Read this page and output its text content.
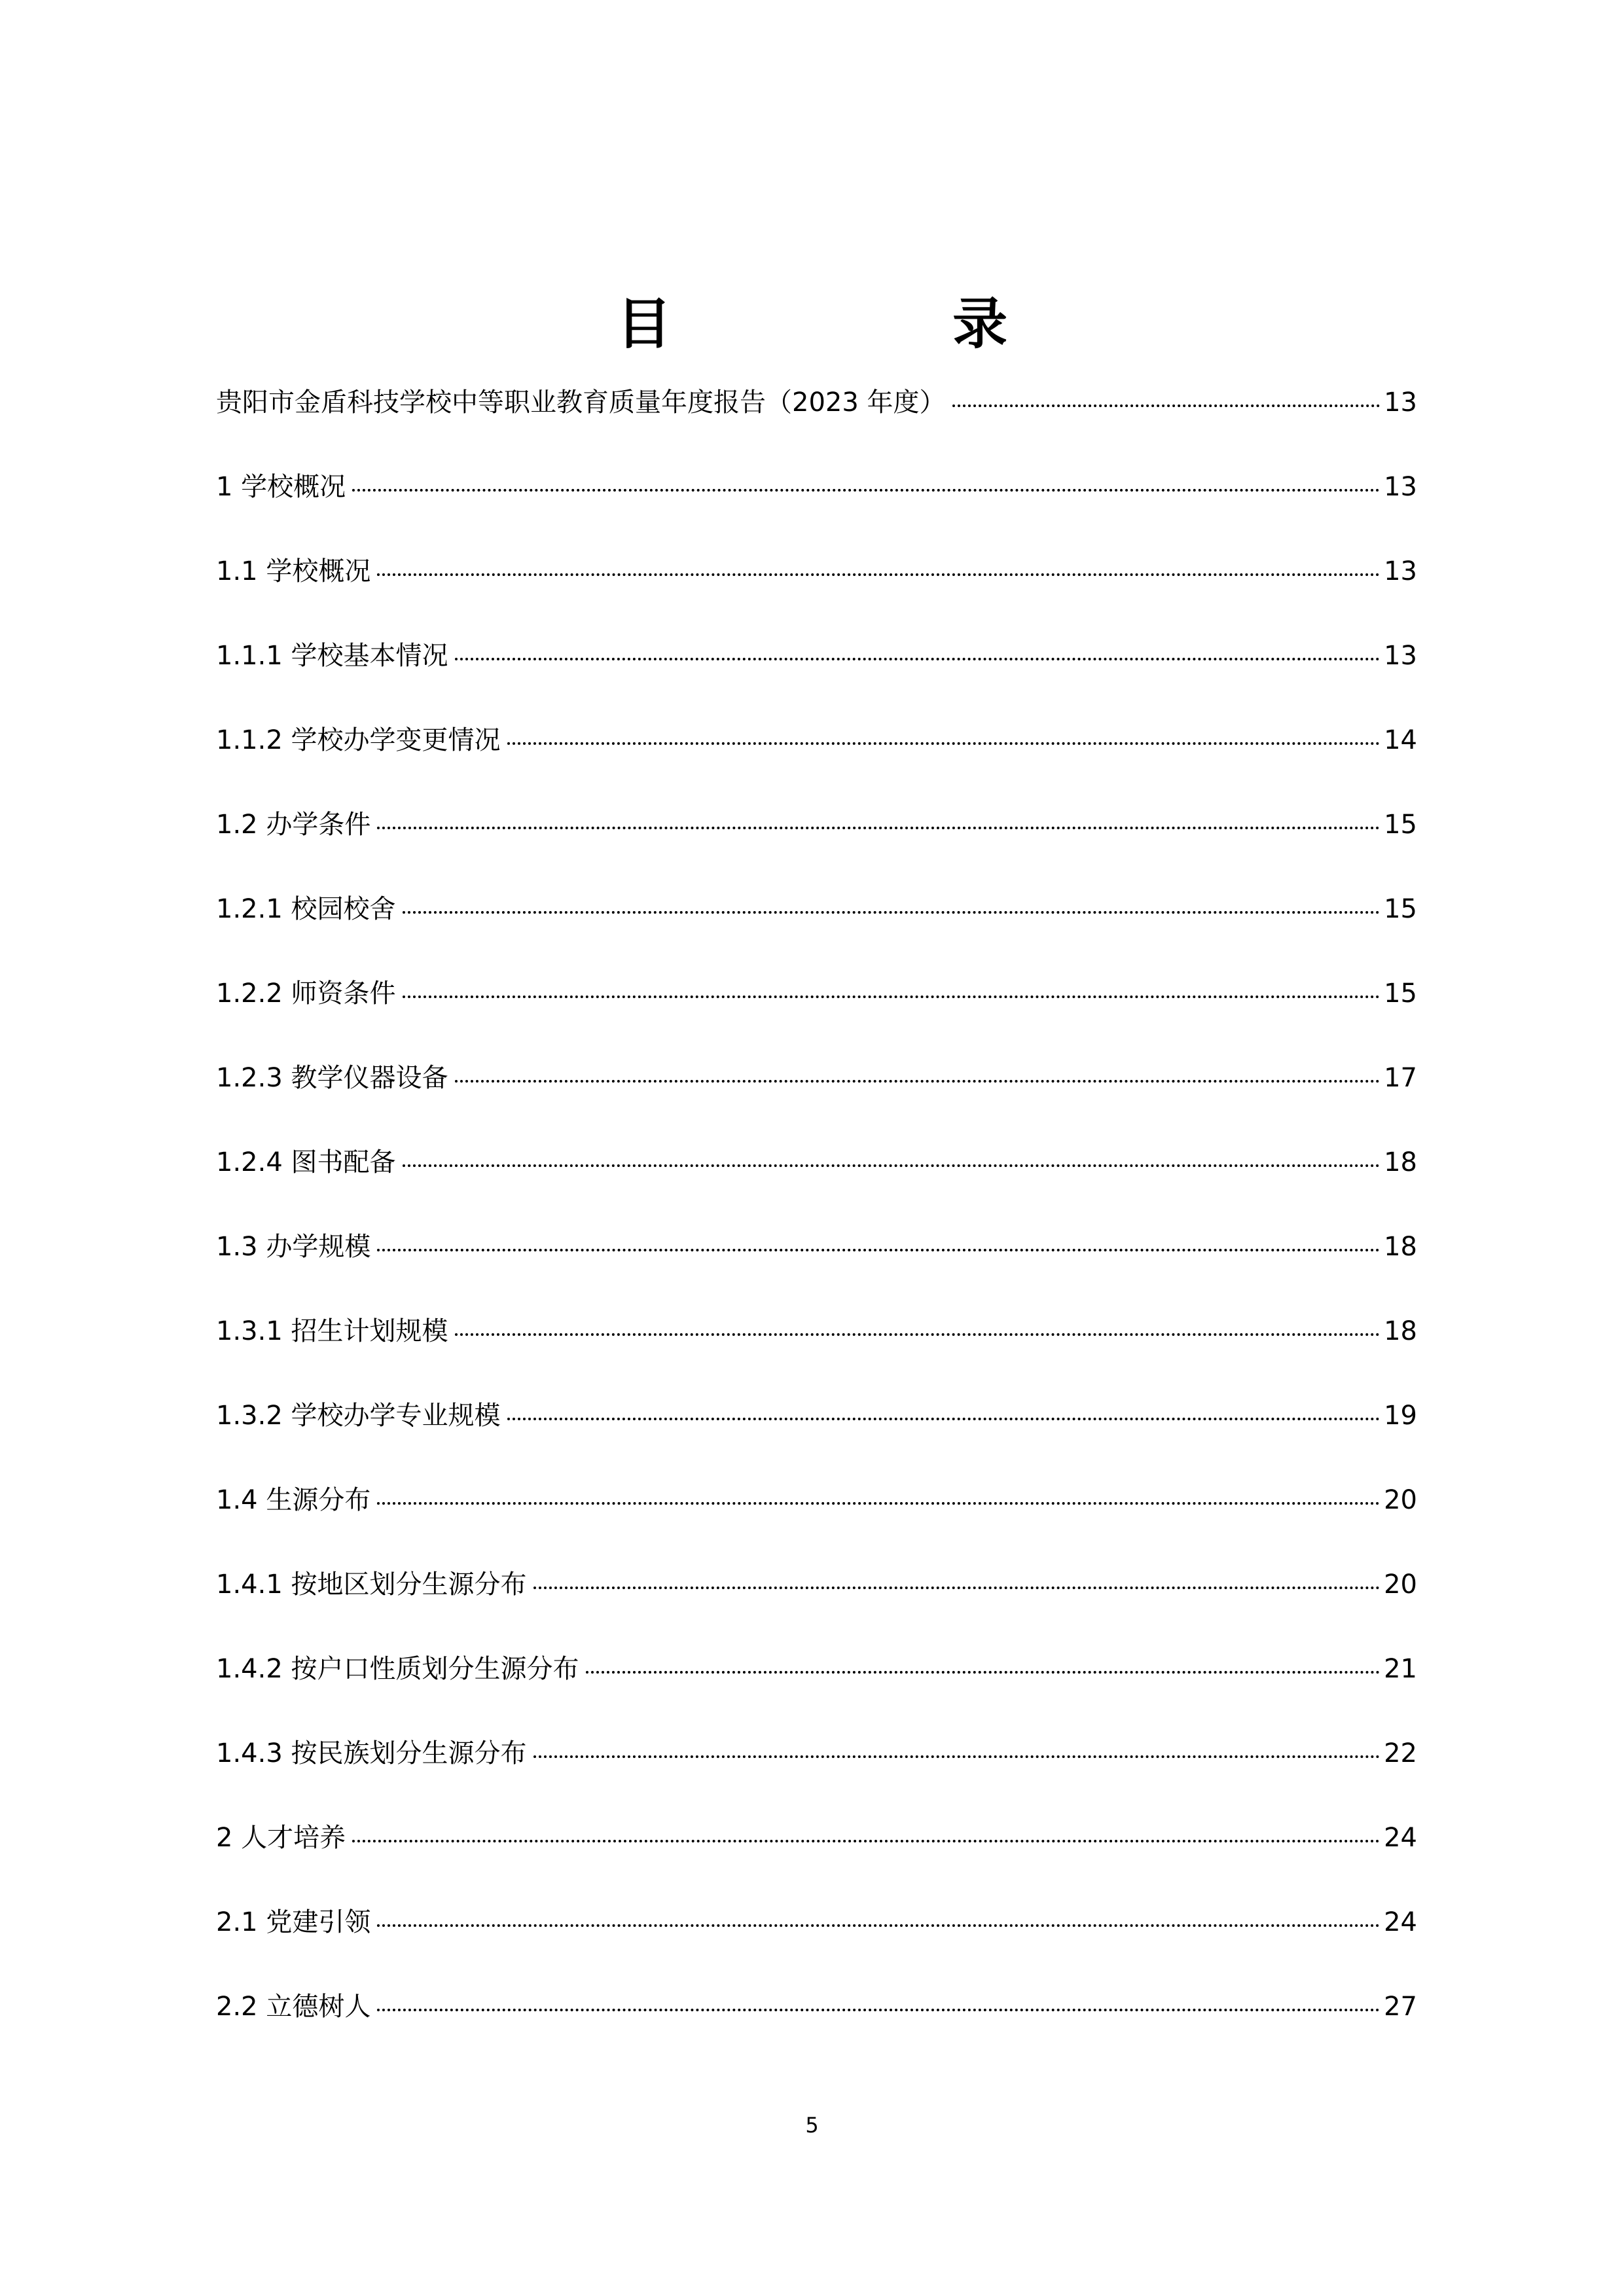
目 录
贵阳市金盾科技学校中等职业教育质量年度报告（2023 年度）	13
1 学校概况	13
1.1 学校概况	13
1.1.1 学校基本情况	13
1.1.2 学校办学变更情况	14
1.2 办学条件	15
1.2.1 校园校舍	15
1.2.2 师资条件	15
1.2.3 教学仪器设备	17
1.2.4 图书配备	18
1.3 办学规模	18
1.3.1 招生计划规模	18
1.3.2 学校办学专业规模	19
1.4 生源分布	20
1.4.1 按地区划分生源分布	20
1.4.2 按户口性质划分生源分布	21
1.4.3 按民族划分生源分布	22
2 人才培养	24
2.1 党建引领	24
2.2 立德树人	27
5
